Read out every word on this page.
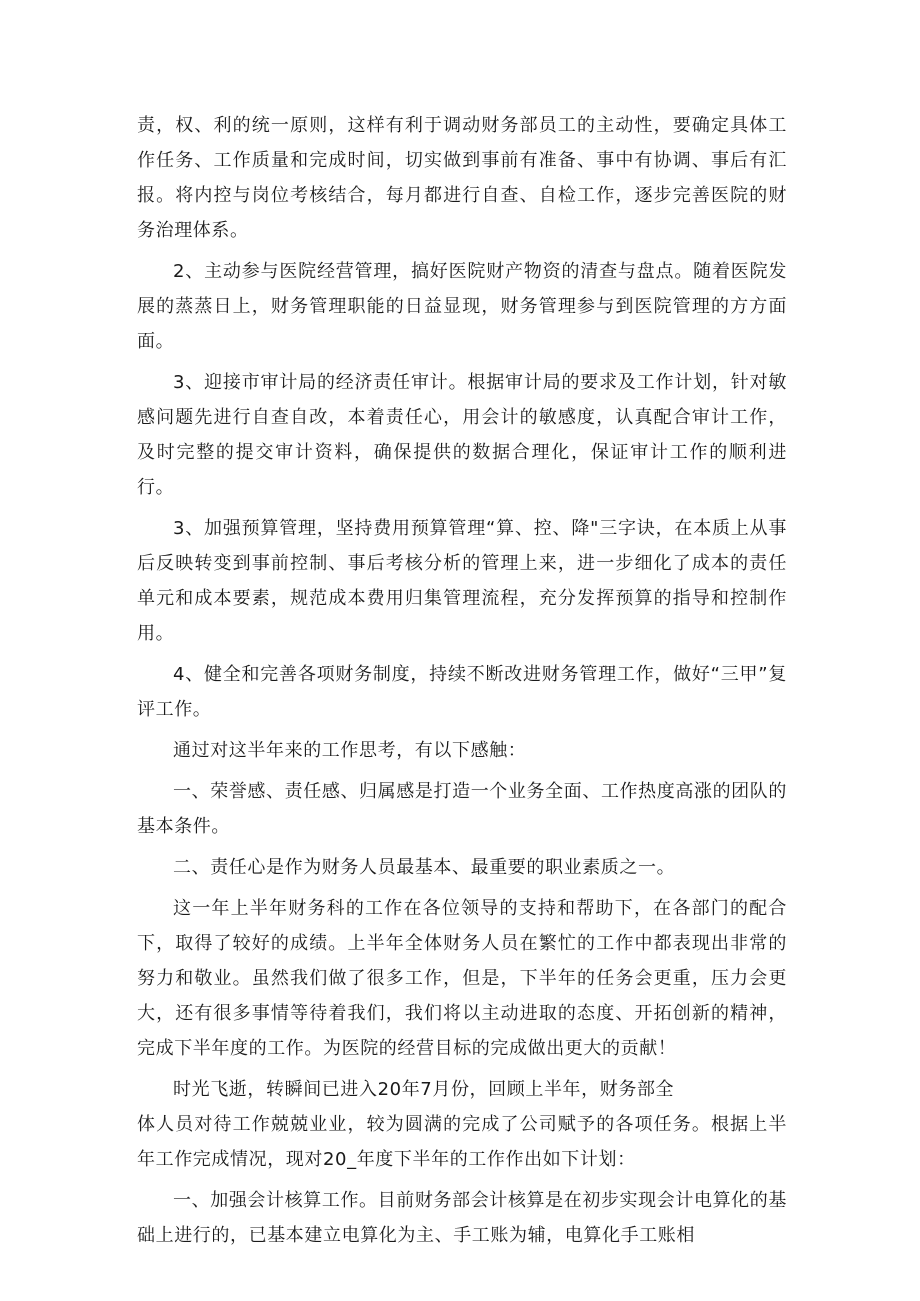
责，权、利的统一原则，这样有利于调动财务部员工的主动性，要确定具体工作任务、工作质量和完成时间，切实做到事前有准备、事中有协调、事后有汇报。将内控与岗位考核结合，每月都进行自查、自检工作，逐步完善医院的财务治理体系。

2、主动参与医院经营管理，搞好医院财产物资的清查与盘点。随着医院发展的蒸蒸日上，财务管理职能的日益显现，财务管理参与到医院管理的方方面面。

3、迎接市审计局的经济责任审计。根据审计局的要求及工作计划，针对敏感问题先进行自查自改，本着责任心，用会计的敏感度，认真配合审计工作，及时完整的提交审计资料，确保提供的数据合理化，保证审计工作的顺利进行。

3、加强预算管理，坚持费用预算管理“算、控、降"三字诀，在本质上从事后反映转变到事前控制、事后考核分析的管理上来，进一步细化了成本的责任单元和成本要素，规范成本费用归集管理流程，充分发挥预算的指导和控制作用。

4、健全和完善各项财务制度，持续不断改进财务管理工作，做好“三甲”复评工作。

通过对这半年来的工作思考，有以下感触：

一、荣誉感、责任感、归属感是打造一个业务全面、工作热度高涨的团队的基本条件。

二、责任心是作为财务人员最基本、最重要的职业素质之一。

这一年上半年财务科的工作在各位领导的支持和帮助下，在各部门的配合下，取得了较好的成绩。上半年全体财务人员在繁忙的工作中都表现出非常的努力和敬业。虽然我们做了很多工作，但是，下半年的任务会更重，压力会更大，还有很多事情等待着我们，我们将以主动进取的态度、开拓创新的精神，完成下半年度的工作。为医院的经营目标的完成做出更大的贡献！

时光飞逝，转瞬间已进入20年7月份，回顾上半年，财务部全

体人员对待工作兢兢业业，较为圆满的完成了公司赋予的各项任务。根据上半年工作完成情况，现对20_年度下半年的工作作出如下计划：

一、加强会计核算工作。目前财务部会计核算是在初步实现会计电算化的基础上进行的，已基本建立电算化为主、手工账为辅，电算化手工账相
